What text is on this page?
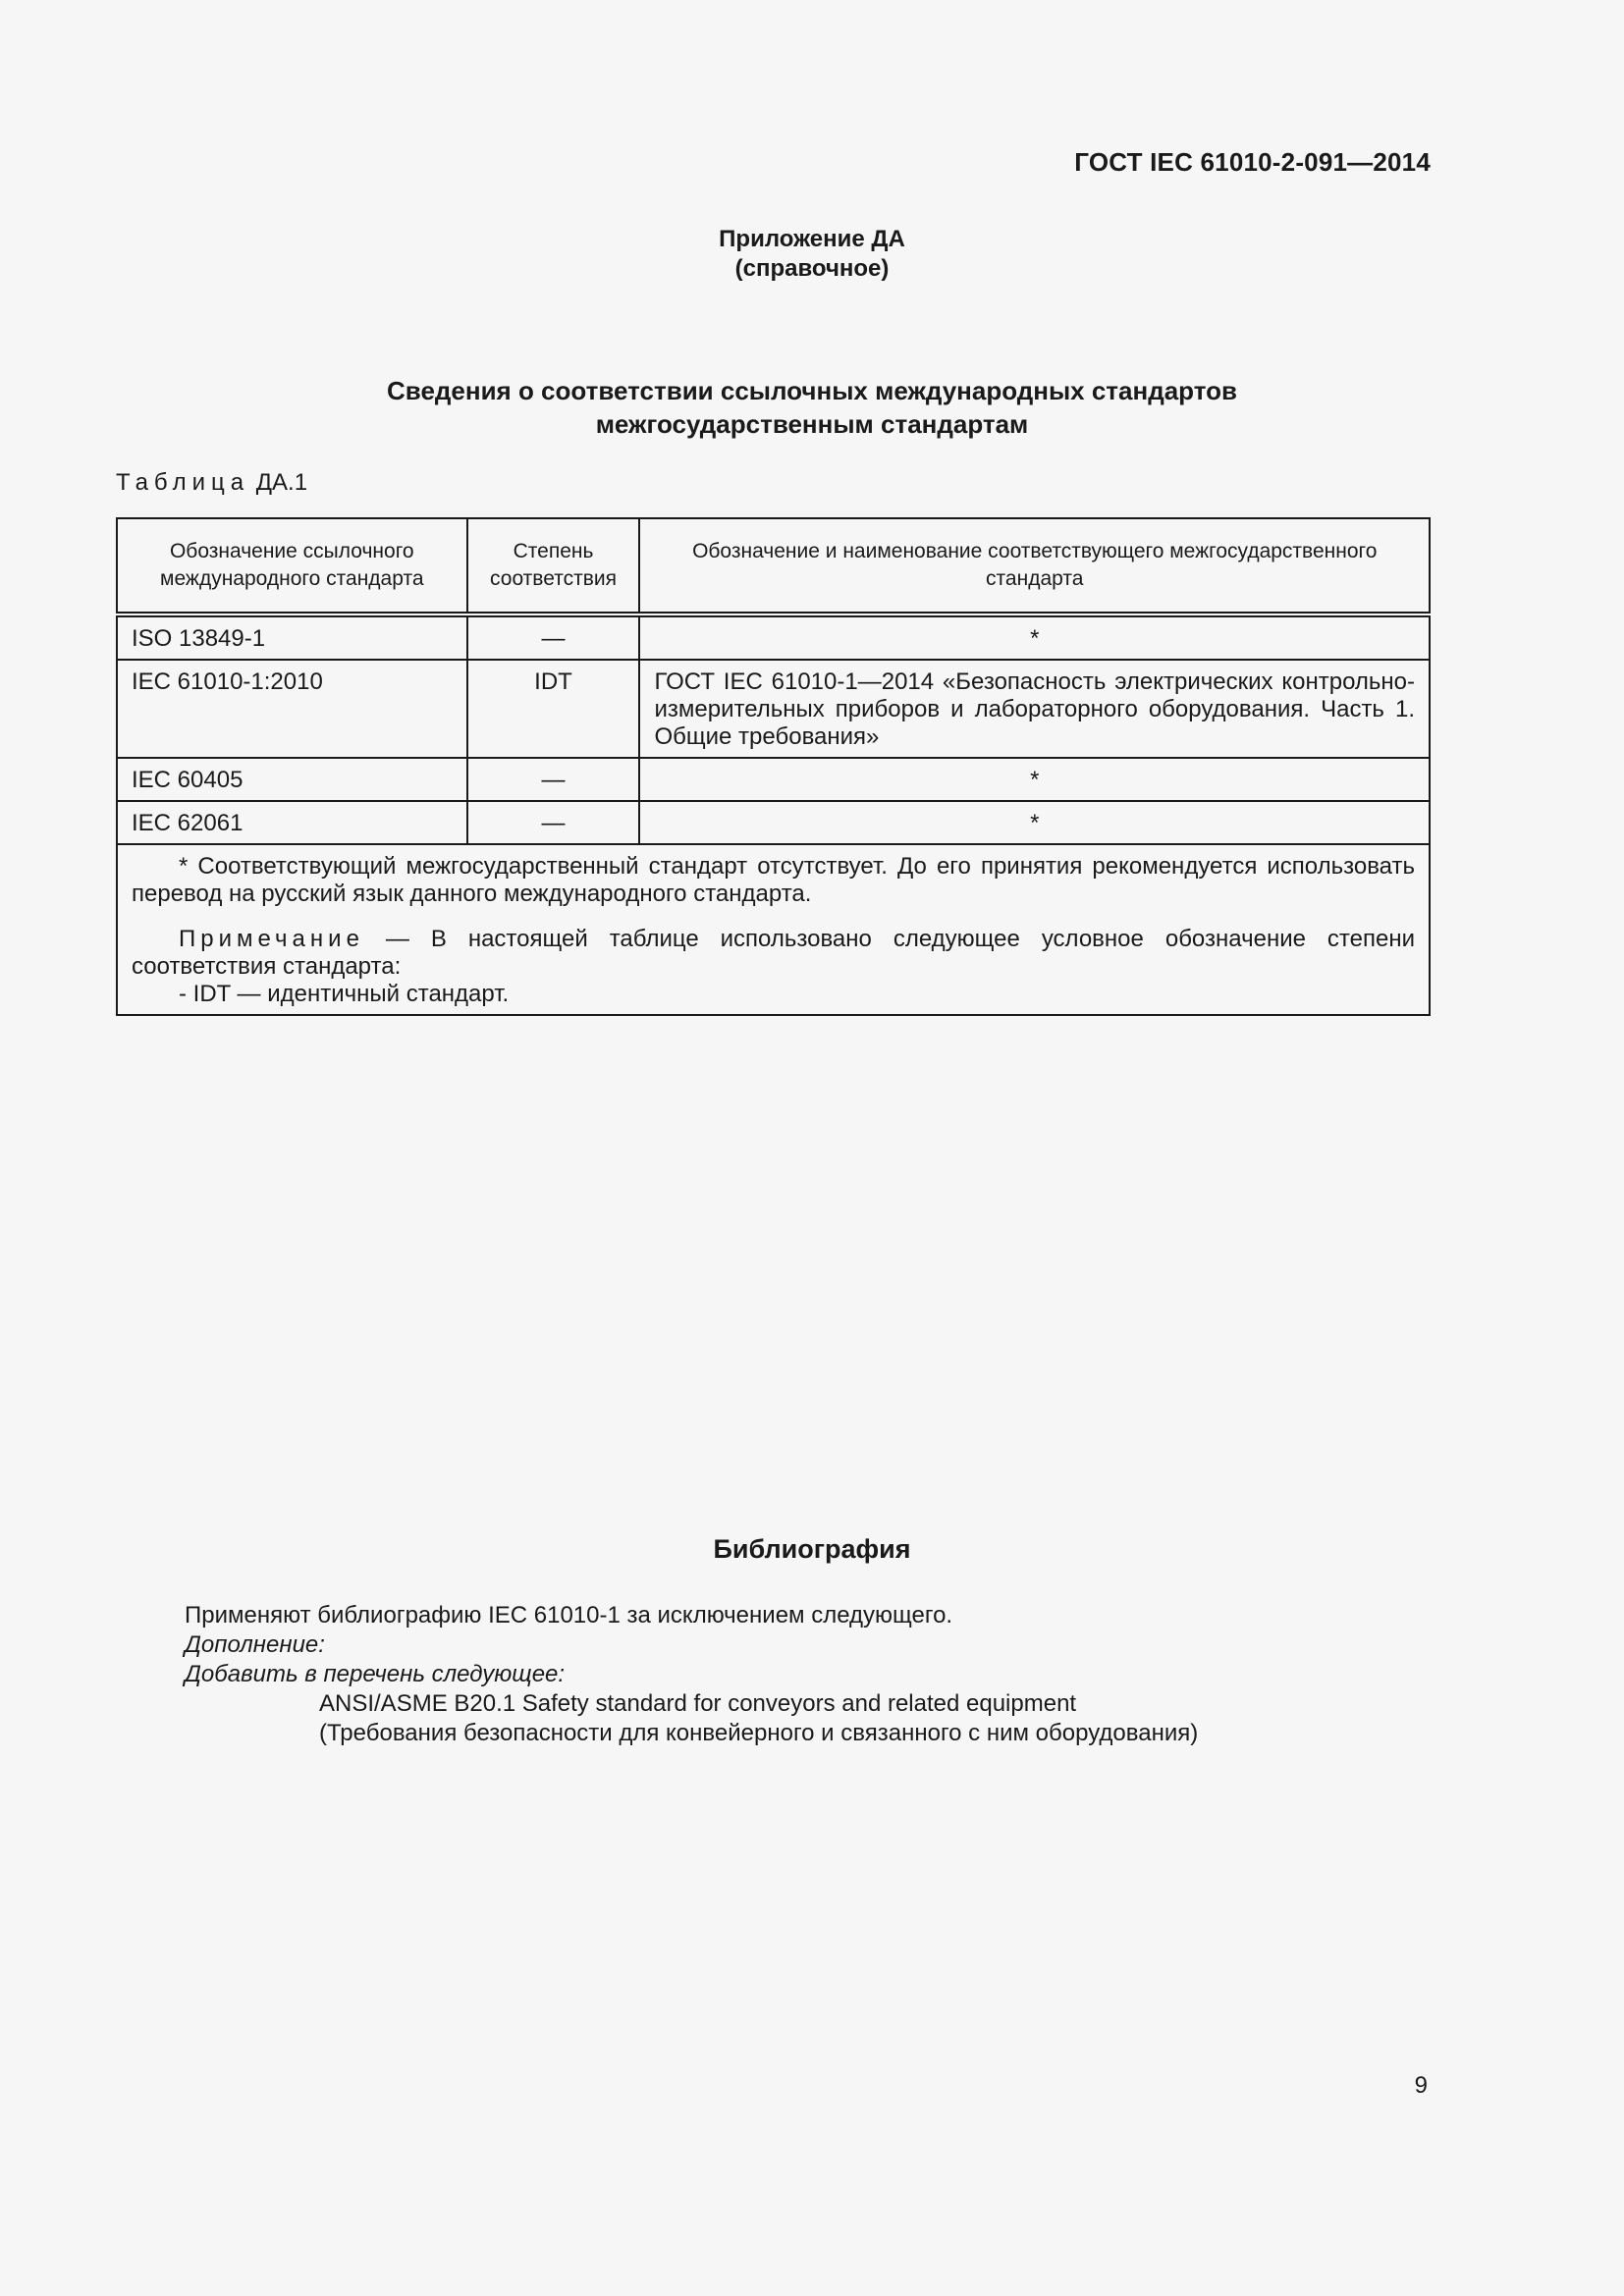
ГОСТ IEC 61010-2-091—2014
Приложение ДА
(справочное)
Сведения о соответствии ссылочных международных стандартов
межгосударственным стандартам
Таблица ДА.1
Обозначение ссылочного международного стандарта	Степень соответствия	Обозначение и наименование соответствующего межгосударственного стандарта
ISO 13849-1	—	*
IEC 61010-1:2010	IDT	ГОСТ IEC 61010-1—2014 «Безопасность электрических контрольно-измерительных приборов и лабораторного оборудования. Часть 1. Общие требования»
IEC 60405	—	*
IEC 62061	—	*

* Соответствующий межгосударственный стандарт отсутствует. До его принятия рекомендуется использовать перевод на русский язык данного международного стандарта.
Примечание — В настоящей таблице использовано следующее условное обозначение степени соответствия стандарта:
- IDT — идентичный стандарт.		
Библиография
Применяют библиографию IEC 61010-1 за исключением следующего.
Дополнение:
Добавить в перечень следующее:
ANSI/ASME B20.1 Safety standard for conveyors and related equipment
(Требования безопасности для конвейерного и связанного с ним оборудования)
9
